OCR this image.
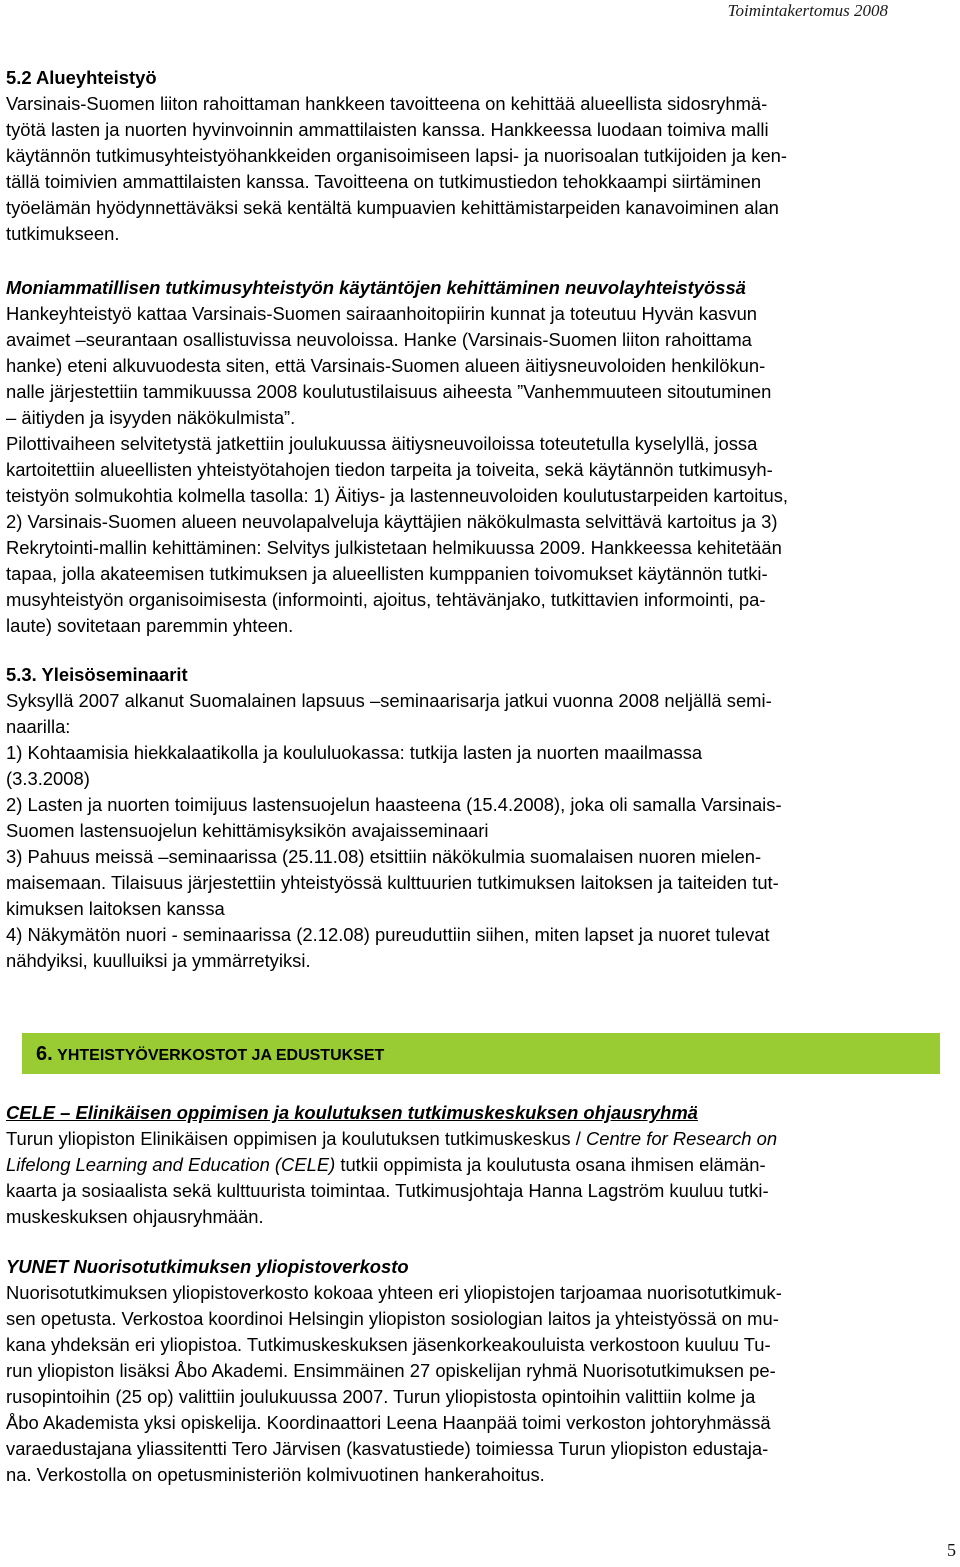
Toimintakertomus 2008

5.2 Alueyhteistyö

Varsinais-Suomen liiton rahoittaman hankkeen tavoitteena on kehittää alueellista sidosryhmä-

työtä lasten ja nuorten hyvinvoinnin ammattilaisten kanssa. Hankkeessa luodaan toimiva malli

käytännön tutkimusyhteistyöhankkeiden organisoimiseen lapsi- ja nuorisoalan tutkijoiden ja ken-

tällä toimivien ammattilaisten kanssa. Tavoitteena on tutkimustiedon tehokkaampi siirtäminen

työelämän hyödynnettäväksi sekä kentältä kumpuavien kehittämistarpeiden kanavoiminen alan

tutkimukseen.

Moniammatillisen tutkimusyhteistyön käytäntöjen kehittäminen neuvolayhteistyössä

Hankeyhteistyö kattaa Varsinais-Suomen sairaanhoitopiirin kunnat ja toteutuu Hyvän kasvun

avaimet –seurantaan osallistuvissa neuvoloissa. Hanke (Varsinais-Suomen liiton rahoittama

hanke) eteni alkuvuodesta siten, että Varsinais-Suomen alueen äitiysneuvoloiden henkilökun-

nalle järjestettiin tammikuussa 2008 koulutustilaisuus aiheesta ”Vanhemmuuteen sitoutuminen

– äitiyden ja isyyden näkökulmista”.

Pilottivaiheen selvitetystä jatkettiin joulukuussa äitiysneuvoiloissa toteutetulla kyselyllä, jossa

kartoitettiin alueellisten yhteistyötahojen tiedon tarpeita ja toiveita, sekä käytännön tutkimusyh-

teistyön solmukohtia kolmella tasolla: 1) Äitiys- ja lastenneuvoloiden koulutustarpeiden kartoitus,

2) Varsinais-Suomen alueen neuvolapalveluja käyttäjien näkökulmasta selvittävä kartoitus ja 3)

Rekrytointi-mallin kehittäminen: Selvitys julkistetaan helmikuussa 2009. Hankkeessa kehitetään

tapaa, jolla akateemisen tutkimuksen ja alueellisten kumppanien toivomukset käytännön tutki-

musyhteistyön organisoimisesta (informointi, ajoitus, tehtävänjako, tutkittavien informointi, pa-

laute) sovitetaan paremmin yhteen.

5.3. Yleisöseminaarit

Syksyllä 2007 alkanut Suomalainen lapsuus –seminaarisarja jatkui vuonna 2008 neljällä semi-

naarilla:

1) Kohtaamisia hiekkalaatikolla ja koululuokassa: tutkija lasten ja nuorten maailmassa

(3.3.2008)

2) Lasten ja nuorten toimijuus lastensuojelun haasteena (15.4.2008), joka oli samalla Varsinais-

Suomen lastensuojelun kehittämisyksikön avajaisseminaari

3) Pahuus meissä –seminaarissa (25.11.08) etsittiin näkökulmia suomalaisen nuoren mielen-

maisemaan. Tilaisuus järjestettiin yhteistyössä kulttuurien tutkimuksen laitoksen ja taiteiden tut-

kimuksen laitoksen kanssa

4) Näkymätön nuori - seminaarissa (2.12.08) pureuduttiin siihen, miten lapset ja nuoret tulevat

nähdyiksi, kuulluiksi ja ymmärretyiksi.

6. YHTEISTYÖVERKOSTOT JA EDUSTUKSET

CELE – Elinikäisen oppimisen ja koulutuksen tutkimuskeskuksen ohjausryhmä

Turun yliopiston Elinikäisen oppimisen ja koulutuksen tutkimuskeskus / Centre for Research on

Lifelong Learning and Education (CELE) tutkii oppimista ja koulutusta osana ihmisen elämän-

kaarta ja sosiaalista sekä kulttuurista toimintaa. Tutkimusjohtaja Hanna Lagström kuuluu tutki-

muskeskuksen ohjausryhmään.

YUNET Nuorisotutkimuksen yliopistoverkosto

Nuorisotutkimuksen yliopistoverkosto kokoaa yhteen eri yliopistojen tarjoamaa nuorisotutkimuk-

sen opetusta. Verkostoa koordinoi Helsingin yliopiston sosiologian laitos ja yhteistyössä on mu-

kana yhdeksän eri yliopistoa. Tutkimuskeskuksen jäsenkorkeakouluista verkostoon kuuluu Tu-

run yliopiston lisäksi Åbo Akademi. Ensimmäinen 27 opiskelijan ryhmä Nuorisotutkimuksen pe-

rusopintoihin (25 op) valittiin joulukuussa 2007. Turun yliopistosta opintoihin valittiin kolme ja

Åbo Akademista yksi opiskelija. Koordinaattori Leena Haanpää toimi verkoston johtoryhmässä

varaedustajana yliassitentti Tero Järvisen (kasvatustiede) toimiessa Turun yliopiston edustaja-

na. Verkostolla on opetusministeriön kolmivuotinen hankerahoitus.

5
